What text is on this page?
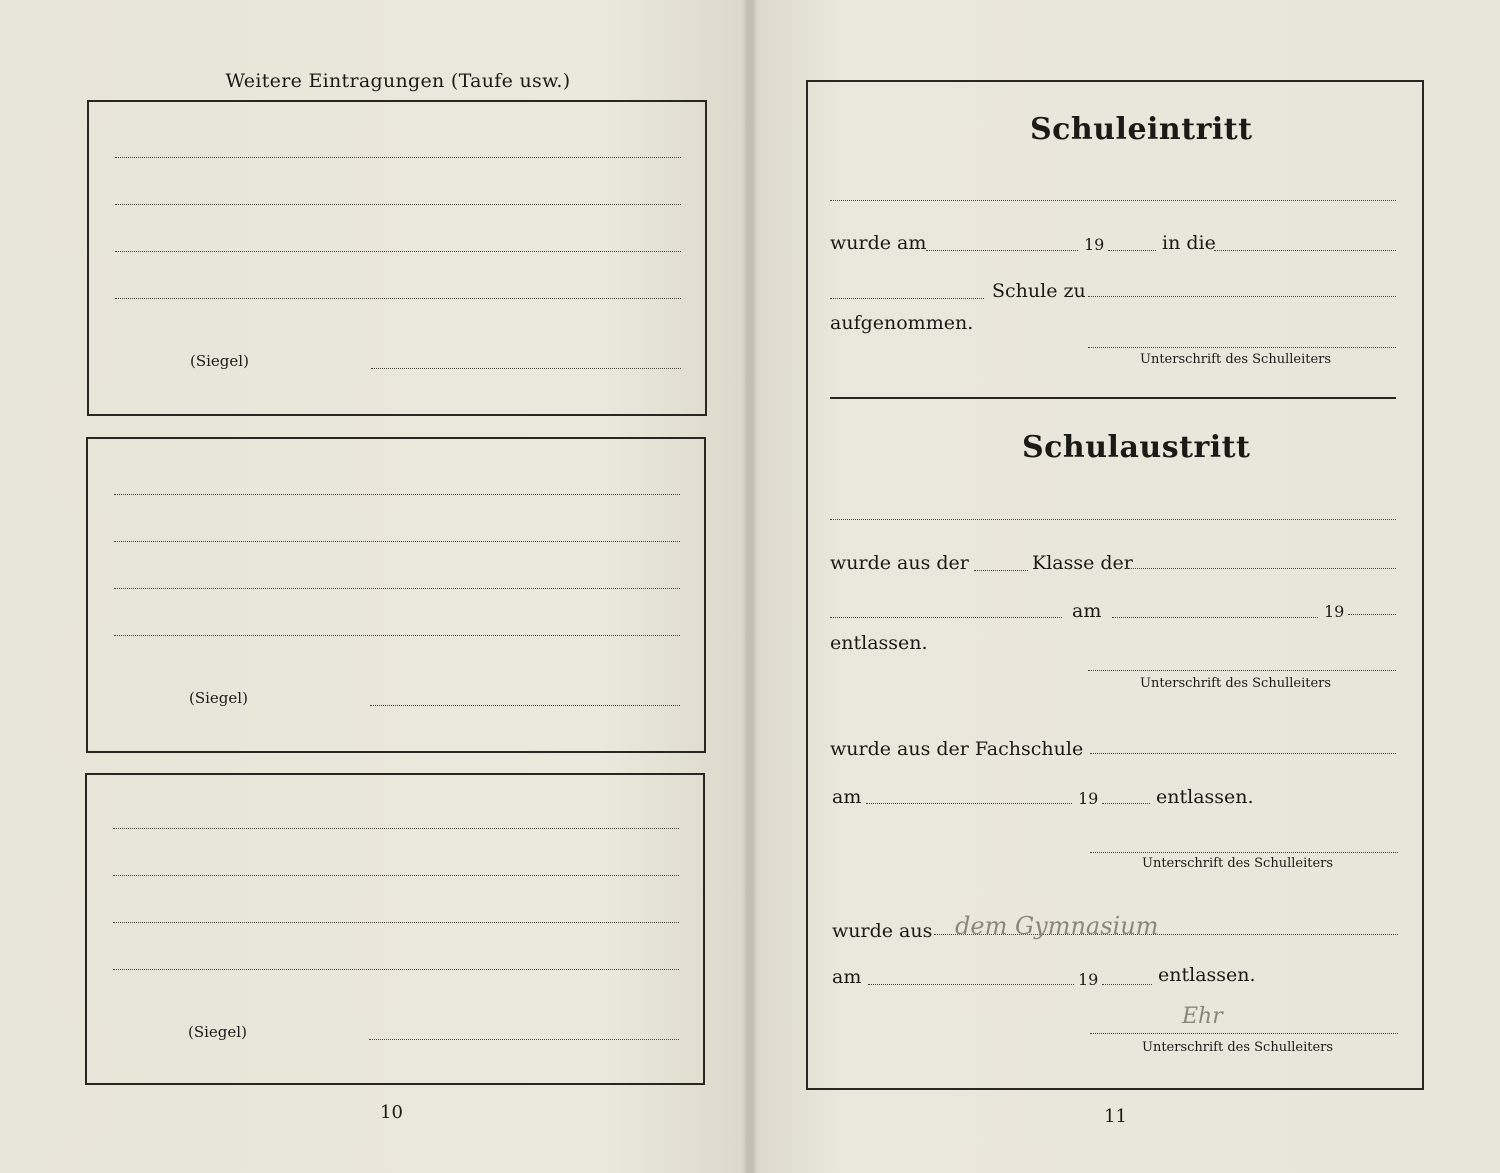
Weitere Eintragungen (Taufe usw.)
(Siegel)
(Siegel)
(Siegel)
10
Schuleintritt
wurde am	19	in die
Schule zu
aufgenommen.
Unterschrift des Schulleiters
Schulaustritt
wurde aus der	Klasse der
am	19
entlassen.
Unterschrift des Schulleiters
wurde aus der Fachschule
am	19	entlassen.
Unterschrift des Schulleiters
wurde aus dem Gymnasium
am	19	entlassen.
Ehr
Unterschrift des Schulleiters
11
